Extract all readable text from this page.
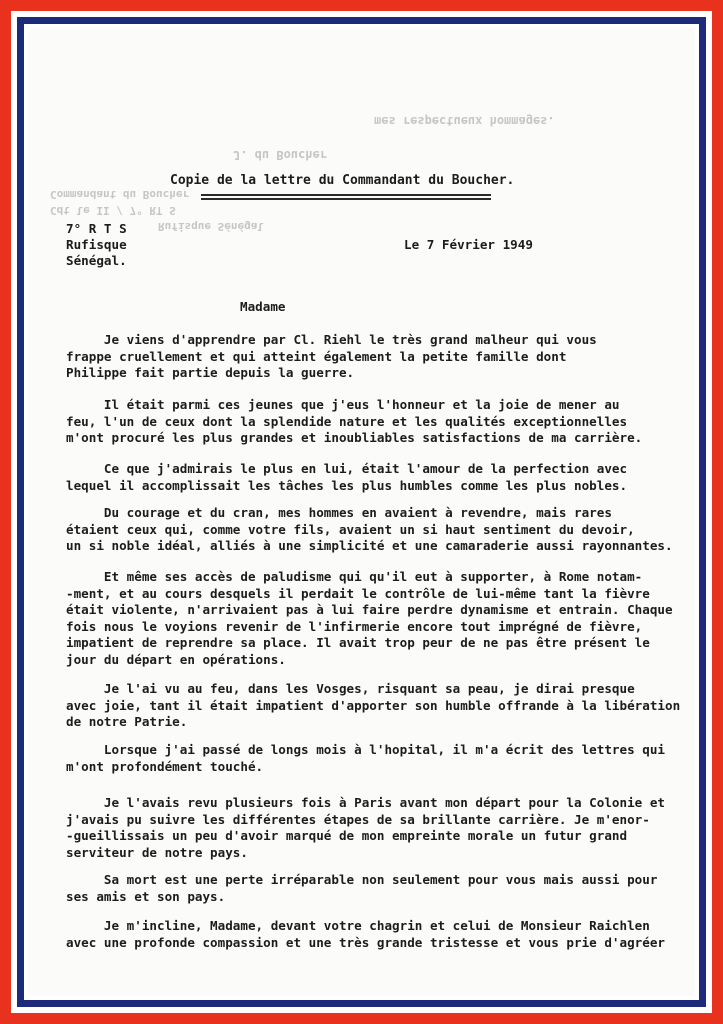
mes respectueux hommages.
J. du Boucher
Commandant du Boucher
Cdt le II / 7° RT S
Rufisque Sénégal
Copie de la lettre du Commandant du Boucher.
7° R T S
Rufisque
Sénégal.
Le 7 Février 1949
Madame
Je viens d'apprendre par Cl. Riehl le très grand malheur qui vous
frappe cruellement et qui atteint également la petite famille dont
Philippe fait partie depuis la guerre.
Il était parmi ces jeunes que j'eus l'honneur et la joie de mener au
feu, l'un de ceux dont la splendide nature et les qualités exceptionnelles
m'ont procuré les plus grandes et inoubliables satisfactions de ma carrière.
Ce que j'admirais le plus en lui, était l'amour de la perfection avec
lequel il accomplissait les tâches les plus humbles comme les plus nobles.
Du courage et du cran, mes hommes en avaient à revendre, mais rares
étaient ceux qui, comme votre fils, avaient un si haut sentiment du devoir,
un si noble idéal, alliés à une simplicité et une camaraderie aussi rayonnantes.
Et même ses accès de paludisme qui qu'il eut à supporter, à Rome notam-
-ment, et au cours desquels il perdait le contrôle de lui-même tant la fièvre
était violente, n'arrivaient pas à lui faire perdre dynamisme et entrain. Chaque
fois nous le voyions revenir de l'infirmerie encore tout imprégné de fièvre,
impatient de reprendre sa place. Il avait trop peur de ne pas être présent le
jour du départ en opérations.
Je l'ai vu au feu, dans les Vosges, risquant sa peau, je dirai presque
avec joie, tant il était impatient d'apporter son humble offrande à la libération
de notre Patrie.
Lorsque j'ai passé de longs mois à l'hopital, il m'a écrit des lettres qui
m'ont profondément touché.
Je l'avais revu plusieurs fois à Paris avant mon départ pour la Colonie et
j'avais pu suivre les différentes étapes de sa brillante carrière. Je m'enor-
-gueillissais un peu d'avoir marqué de mon empreinte morale un futur grand
serviteur de notre pays.
Sa mort est une perte irréparable non seulement pour vous mais aussi pour
ses amis et son pays.
Je m'incline, Madame, devant votre chagrin et celui de Monsieur Raichlen
avec une profonde compassion et une très grande tristesse et vous prie d'agréer
